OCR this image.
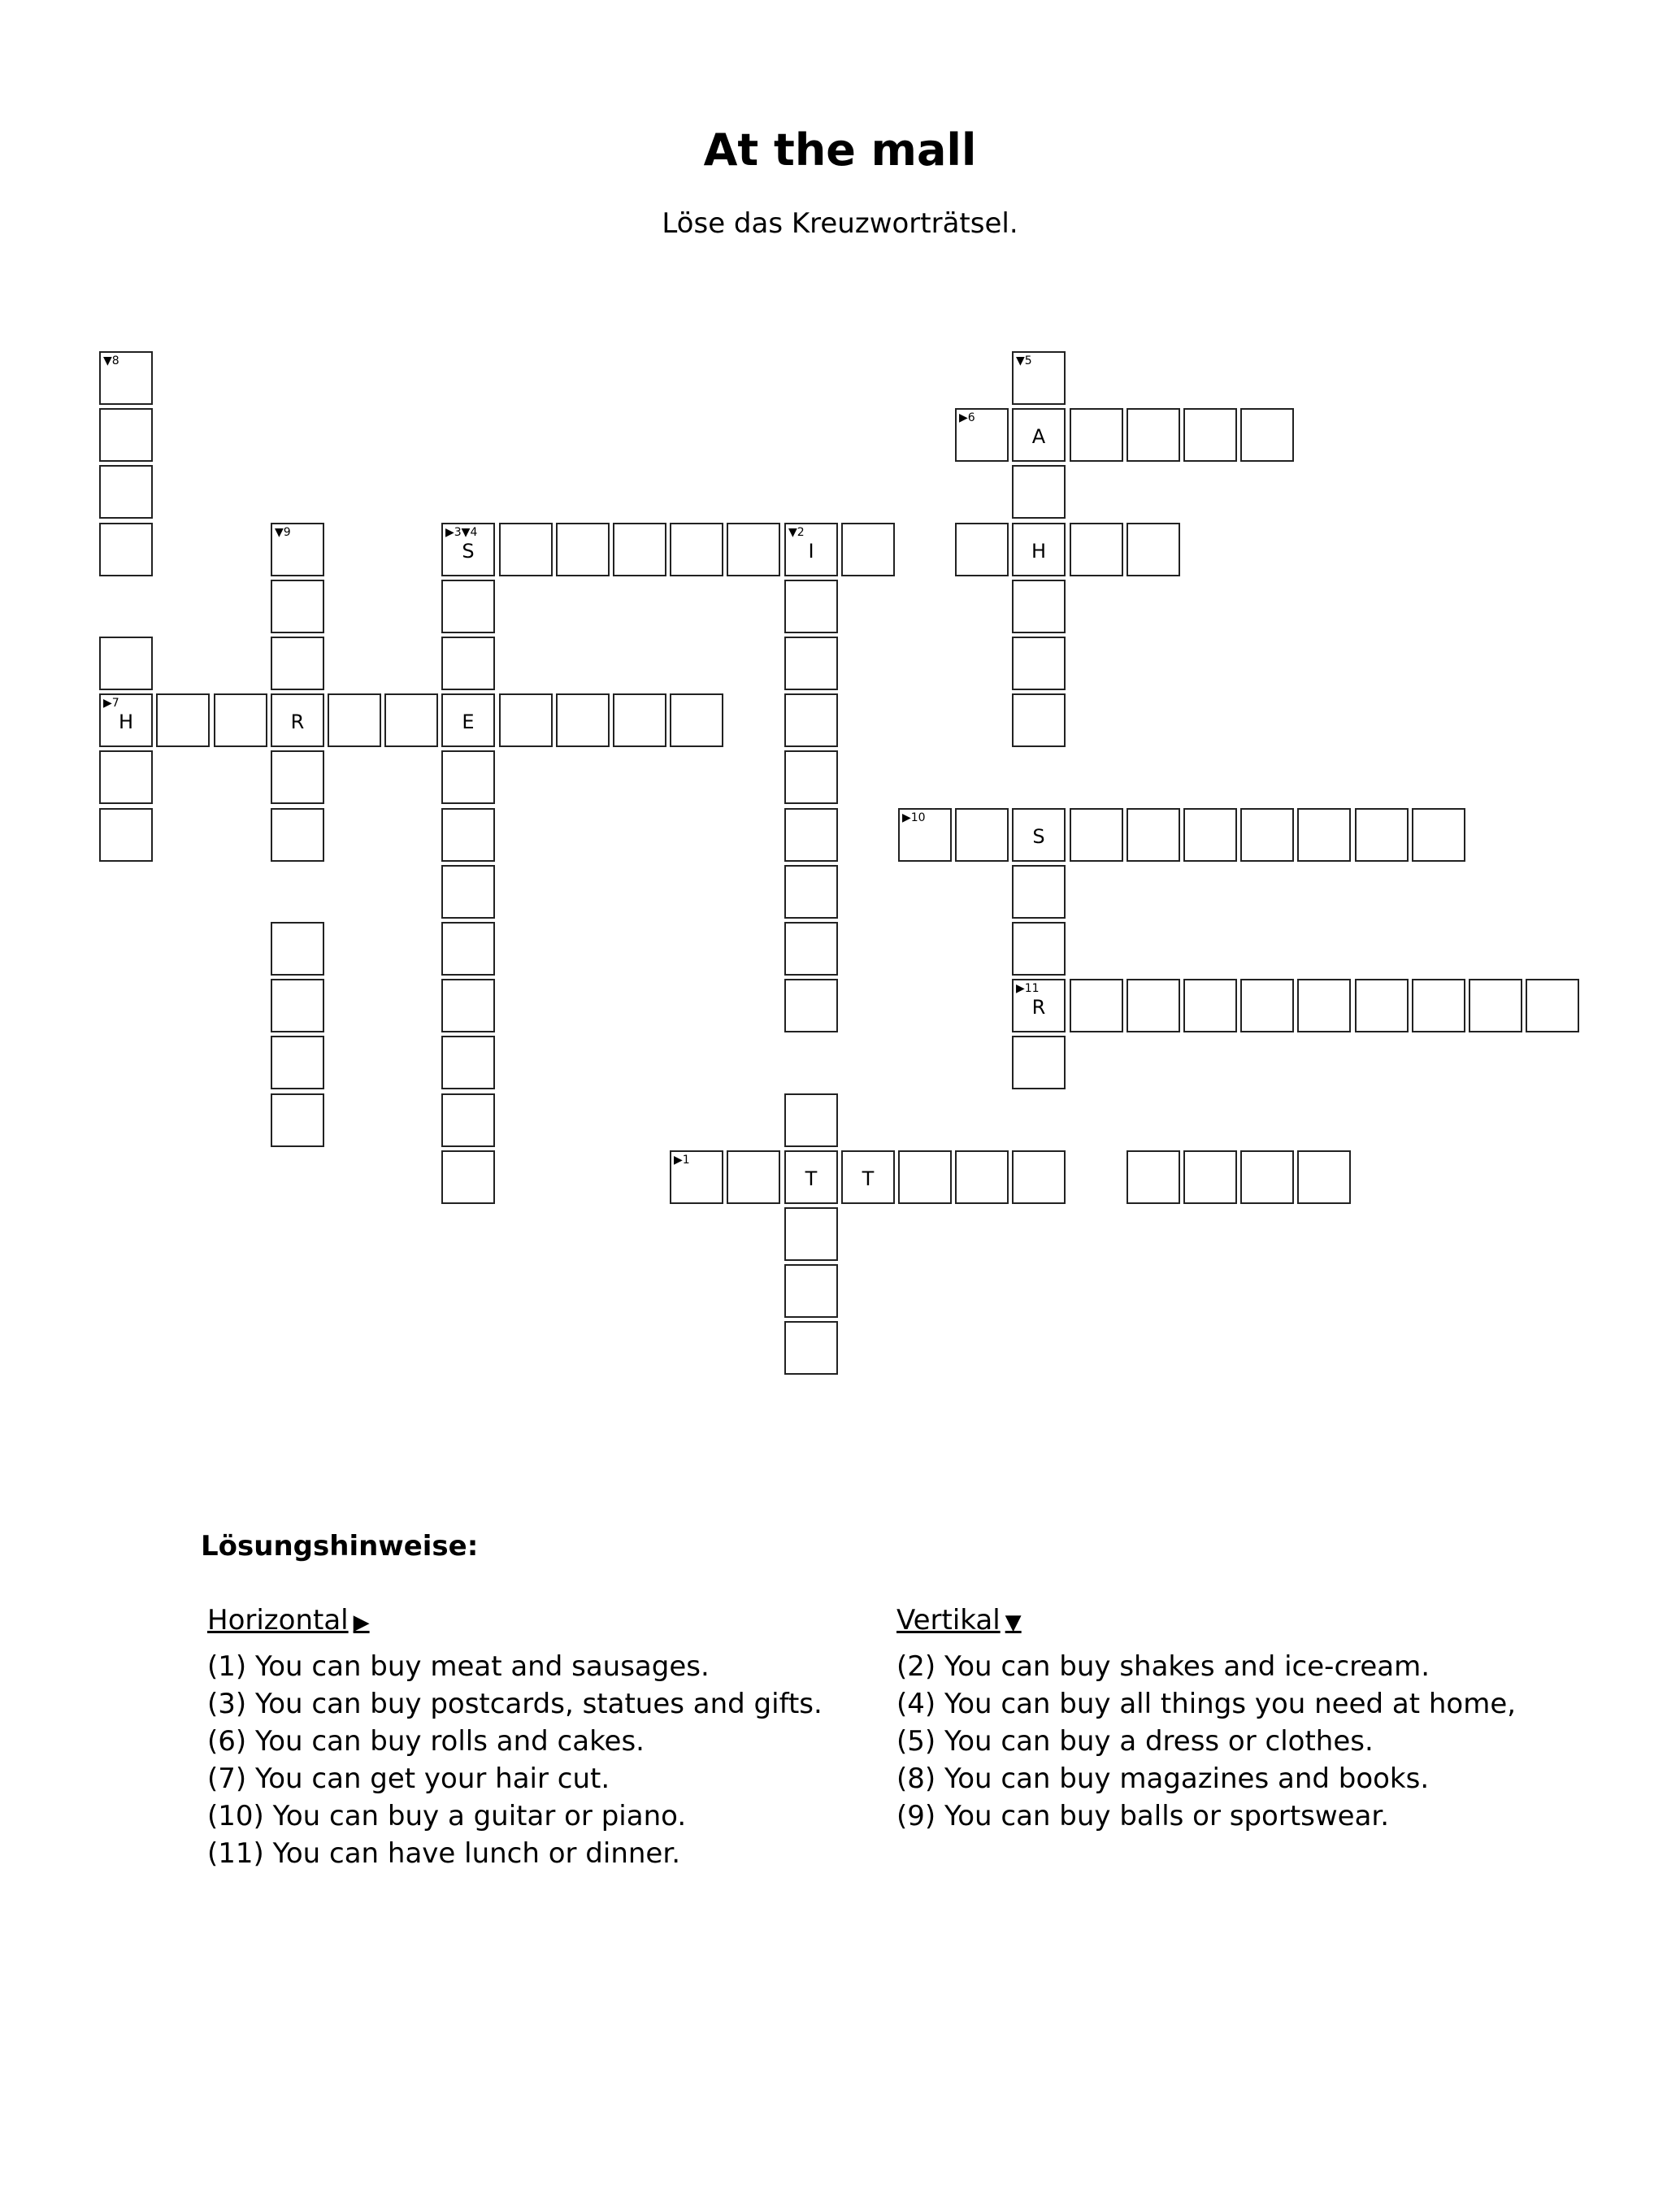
At the mall
Löse das Kreuzworträtsel.
▶1
T	T
I
▼2
S
▶3▼4
H
E
▼5
A
S
R
▶11
▶6
H
▶7
R
▼8
▼9
▶10
Lösungshinweise:
Horizontal ▶
(1) You can buy meat and sausages.
(3) You can buy postcards, statues and gifts.
(6) You can buy rolls and cakes.
(7) You can get your hair cut.
(10) You can buy a guitar or piano.
(11) You can have lunch or dinner.
Vertikal ▼
(2) You can buy shakes and ice-cream.
(4) You can buy all things you need at home,
(5) You can buy a dress or clothes.
(8) You can buy magazines and books.
(9) You can buy balls or sportswear.
